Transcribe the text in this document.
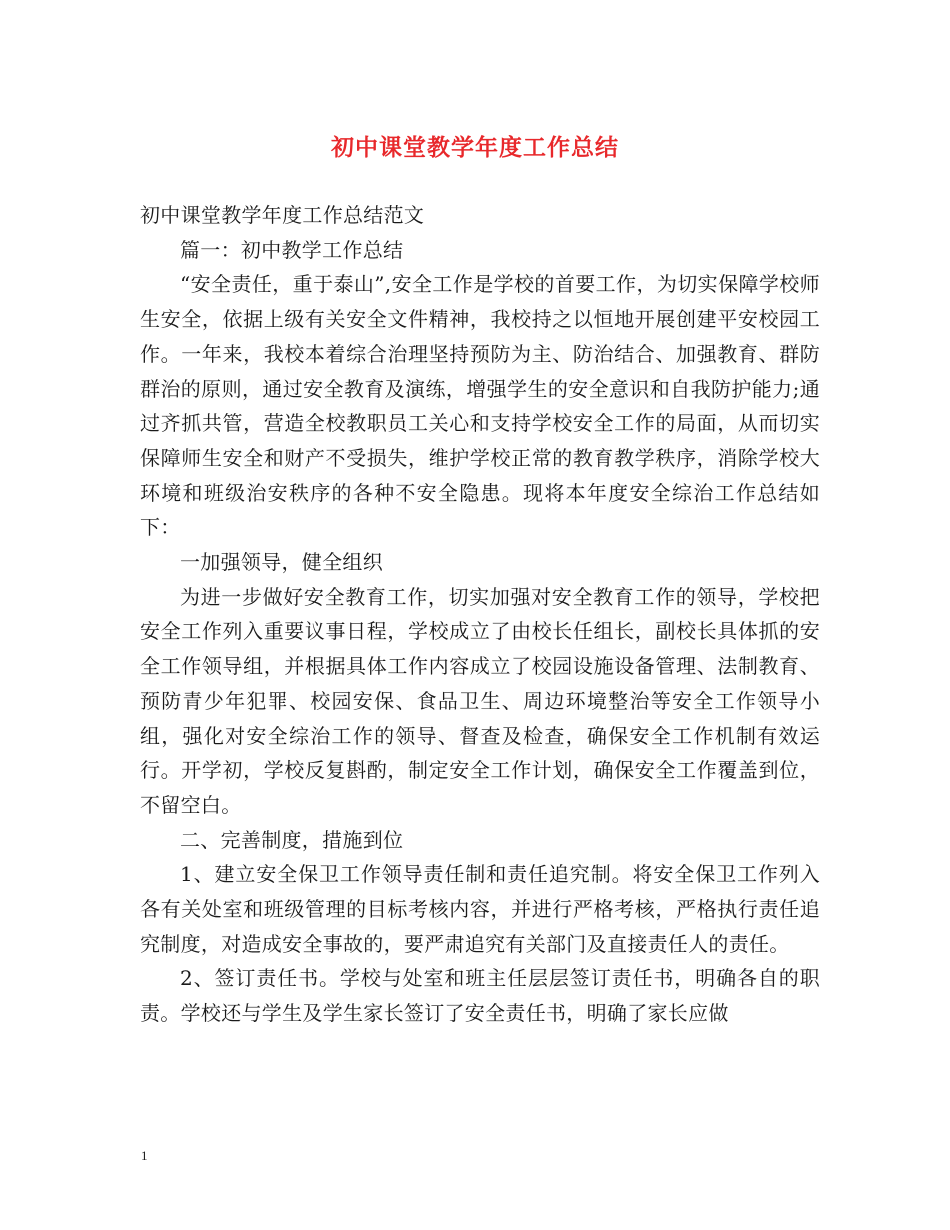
初中课堂教学年度工作总结

初中课堂教学年度工作总结范文

篇一：初中教学工作总结

“安全责任，重于泰山”,安全工作是学校的首要工作，为切实保障学校师生安全，依据上级有关安全文件精神，我校持之以恒地开展创建平安校园工作。一年来，我校本着综合治理坚持预防为主、防治结合、加强教育、群防群治的原则，通过安全教育及演练，增强学生的安全意识和自我防护能力;通过齐抓共管，营造全校教职员工关心和支持学校安全工作的局面，从而切实保障师生安全和财产不受损失，维护学校正常的教育教学秩序，消除学校大环境和班级治安秩序的各种不安全隐患。现将本年度安全综治工作总结如下：

一加强领导，健全组织

为进一步做好安全教育工作，切实加强对安全教育工作的领导，学校把安全工作列入重要议事日程，学校成立了由校长任组长，副校长具体抓的安全工作领导组，并根据具体工作内容成立了校园设施设备管理、法制教育、预防青少年犯罪、校园安保、食品卫生、周边环境整治等安全工作领导小组，强化对安全综治工作的领导、督查及检查，确保安全工作机制有效运行。开学初，学校反复斟酌，制定安全工作计划，确保安全工作覆盖到位，不留空白。

二、完善制度，措施到位

1、建立安全保卫工作领导责任制和责任追究制。将安全保卫工作列入各有关处室和班级管理的目标考核内容，并进行严格考核，严格执行责任追究制度，对造成安全事故的，要严肃追究有关部门及直接责任人的责任。

2、签订责任书。学校与处室和班主任层层签订责任书，明确各自的职责。学校还与学生及学生家长签订了安全责任书，明确了家长应做

1
